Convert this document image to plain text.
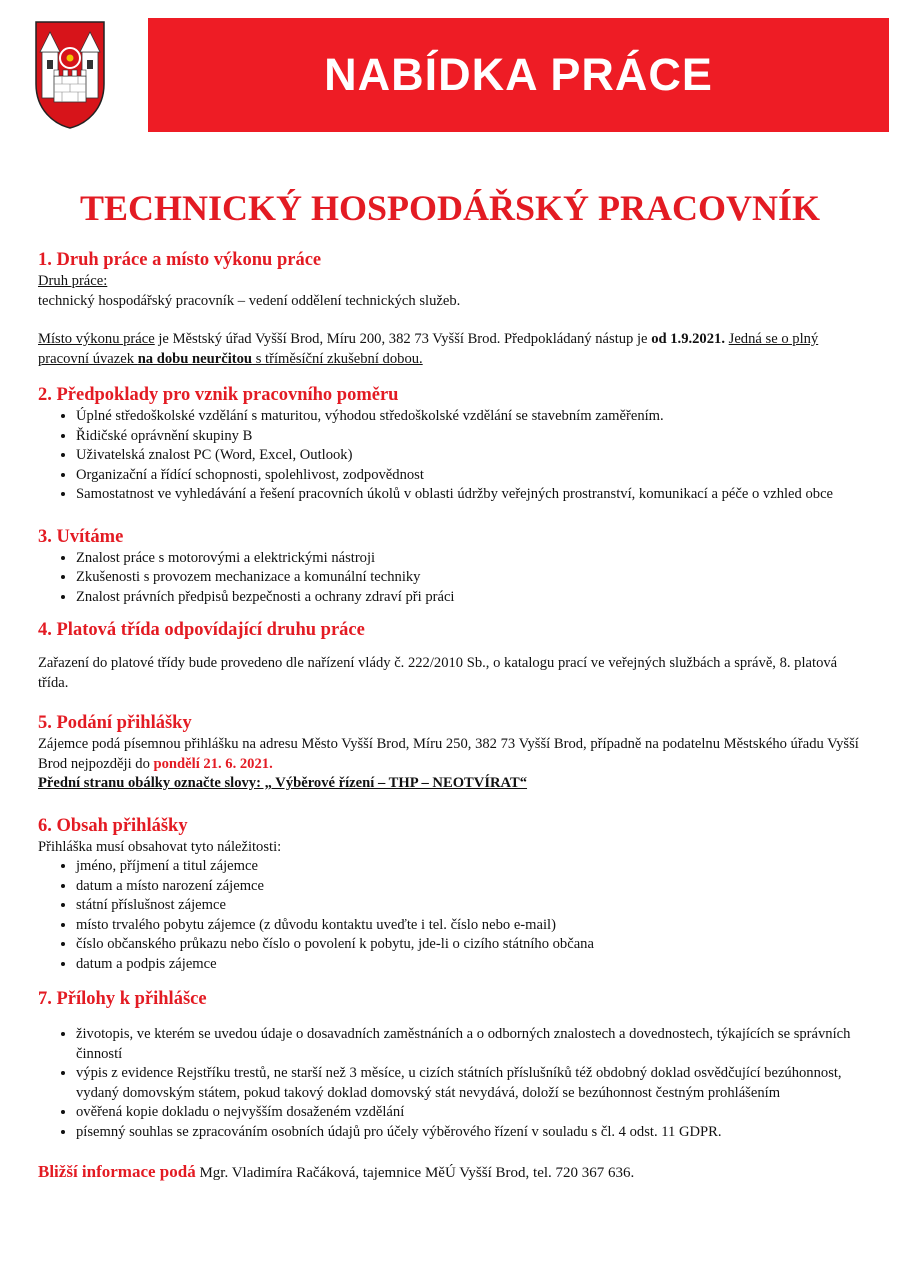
NABÍDKA PRÁCE
TECHNICKÝ HOSPODÁŘSKÝ PRACOVNÍK
1. Druh práce a místo výkonu práce

Druh práce:

technický hospodářský pracovník – vedení oddělení technických služeb.

Místo výkonu práce je Městský úřad Vyšší Brod, Míru 200, 382 73 Vyšší Brod. Předpokládaný nástup je od 1.9.2021. Jedná se o plný pracovní úvazek na dobu neurčitou s tříměsíční zkušební dobou.

2. Předpoklady pro vznik pracovního poměru
• Úplné středoškolské vzdělání s maturitou, výhodou středoškolské vzdělání se stavebním zaměřením.
• Řidičské oprávnění skupiny B
• Uživatelská znalost PC (Word, Excel, Outlook)
• Organizační a řídící schopnosti, spolehlivost, zodpovědnost
• Samostatnost ve vyhledávání a řešení pracovních úkolů v oblasti údržby veřejných prostranství, komunikací a péče o vzhled obce
3. Uvítáme
• Znalost práce s motorovými a elektrickými nástroji
• Zkušenosti s provozem mechanizace a komunální techniky
• Znalost právních předpisů bezpečnosti a ochrany zdraví při práci
4. Platová třída odpovídající druhu práce

Zařazení do platové třídy bude provedeno dle nařízení vlády č. 222/2010 Sb., o katalogu prací ve veřejných službách a správě, 8. platová třída.

5. Podání přihlášky

Zájemce podá písemnou přihlášku na adresu Město Vyšší Brod, Míru 250, 382 73 Vyšší Brod, případně na podatelnu Městského úřadu Vyšší Brod nejpozději do pondělí 21. 6. 2021.

Přední stranu obálky označte slovy: „ Výběrové řízení – THP – NEOTVÍRAT“

6. Obsah přihlášky

Přihláška musí obsahovat tyto náležitosti:

• jméno, příjmení a titul zájemce
• datum a místo narození zájemce
• státní příslušnost zájemce
• místo trvalého pobytu zájemce (z důvodu kontaktu uveďte i tel. číslo nebo e-mail)
• číslo občanského průkazu nebo číslo o povolení k pobytu, jde-li o cizího státního občana
• datum a podpis zájemce
7. Přílohy k přihlášce
• životopis, ve kterém se uvedou údaje o dosavadních zaměstnáních a o odborných znalostech a dovednostech, týkajících se správních činností
• výpis z evidence Rejstříku trestů, ne starší než 3 měsíce, u cizích státních příslušníků též obdobný doklad osvědčující bezúhonnost, vydaný domovským státem, pokud takový doklad domovský stát nevydává, doloží se bezúhonnost čestným prohlášením
• ověřená kopie dokladu o nejvyšším dosaženém vzdělání
• písemný souhlas se zpracováním osobních údajů pro účely výběrového řízení v souladu s čl. 4 odst. 11 GDPR.

Bližší informace podá Mgr. Vladimíra Račáková, tajemnice MěÚ Vyšší Brod, tel. 720 367 636.
